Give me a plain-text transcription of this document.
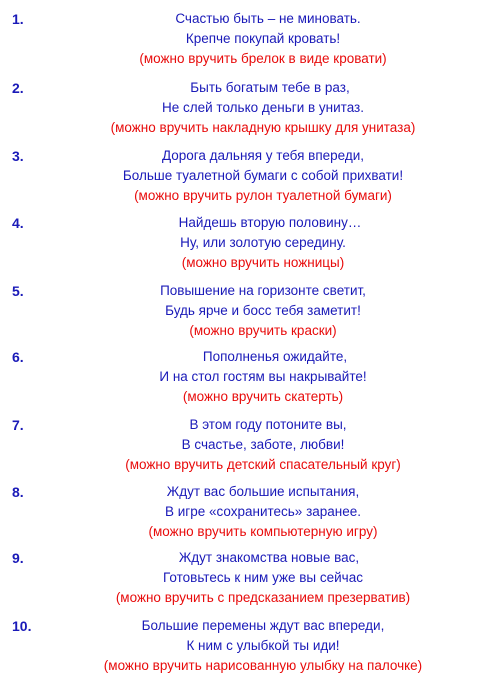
1.	Счастью быть – не миновать.
Крепче покупай кровать!
(можно вручить брелок в виде кровати)
2.	Быть богатым тебе в раз,
Не слей только деньги в унитаз.
(можно вручить накладную крышку для унитаза)
3.	Дорога дальняя у тебя впереди,
Больше туалетной бумаги с собой прихвати!
(можно вручить рулон туалетной бумаги)
4.	Найдешь вторую половину…
Ну, или золотую середину.
(можно вручить ножницы)
5.	Повышение на горизонте светит,
Будь ярче и босс тебя заметит!
(можно вручить краски)
6.	Пополненья ожидайте,
И на стол гостям вы накрывайте!
(можно вручить скатерть)
7.	В этом году потоните вы,
В счастье, заботе, любви!
(можно вручить детский спасательный круг)
8.	Ждут вас большие испытания,
В игре «сохранитесь» заранее.
(можно вручить компьютерную игру)
9.	Ждут знакомства новые вас,
Готовьтесь к ним уже вы сейчас
(можно вручить с предсказанием презерватив)
10.	Большие перемены ждут вас впереди,
К ним с улыбкой ты иди!
(можно вручить нарисованную улыбку на палочке)
